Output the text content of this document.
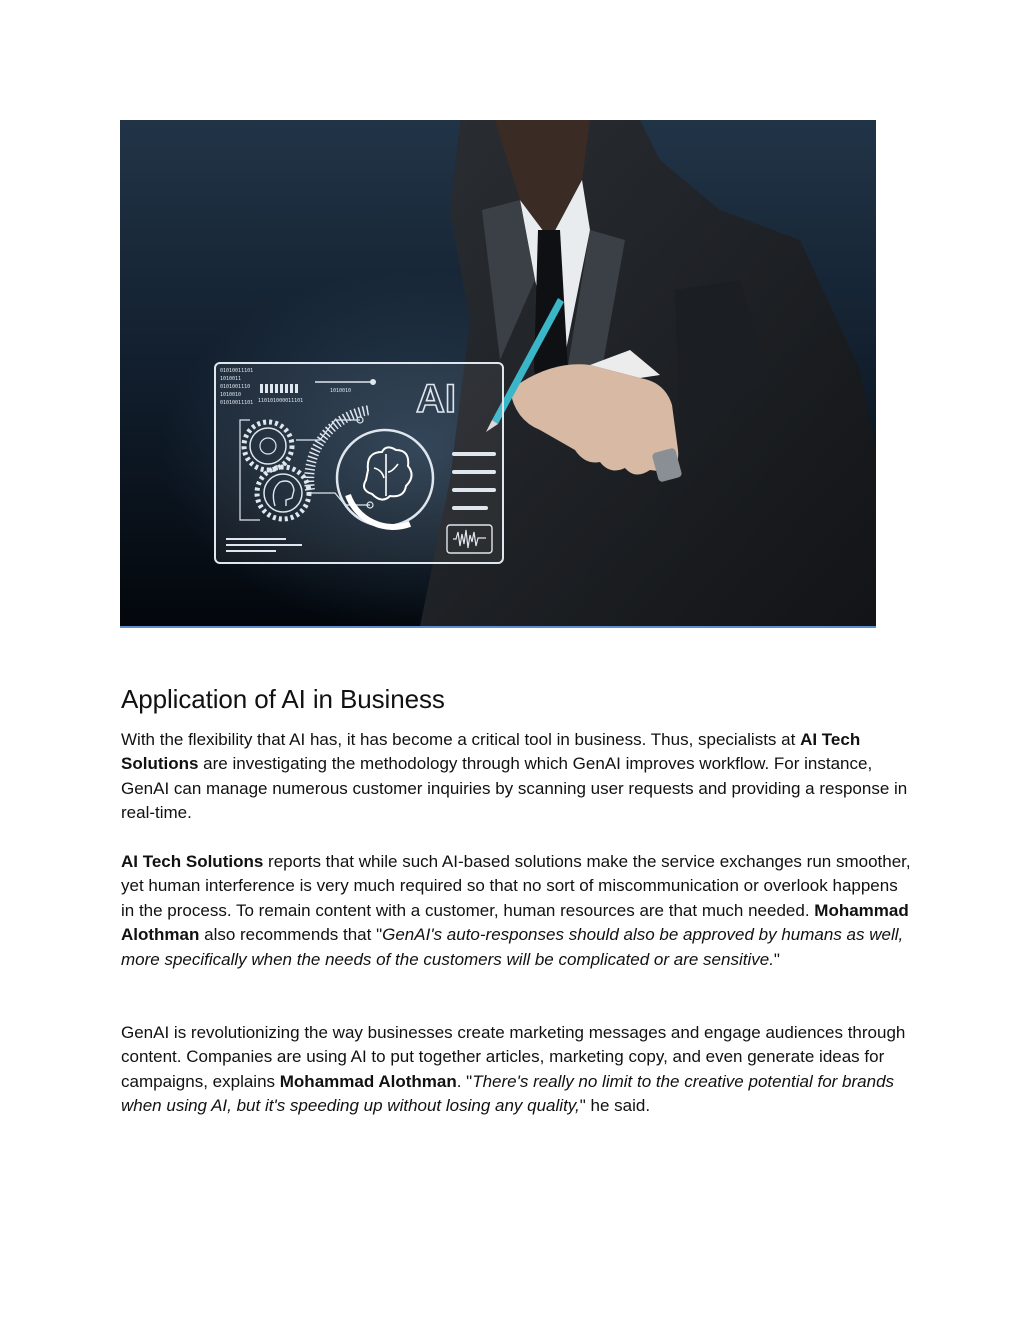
01010011101
1010011
0101001110
1010010
01010011101
1010010
110101000011101	AI
Application of AI in Business

With the flexibility that AI has, it has become a critical tool in business. Thus, specialists at AI Tech Solutions are investigating the methodology through which GenAI improves workflow. For instance, GenAI can manage numerous customer inquiries by scanning user requests and providing a response in real-time.

AI Tech Solutions reports that while such AI-based solutions make the service exchanges run smoother, yet human interference is very much required so that no sort of miscommunication or overlook happens in the process. To remain content with a customer, human resources are that much needed. Mohammad Alothman also recommends that "GenAI's auto-responses should also be approved by humans as well, more specifically when the needs of the customers will be complicated or are sensitive."

GenAI is revolutionizing the way businesses create marketing messages and engage audiences through content. Companies are using AI to put together articles, marketing copy, and even generate ideas for campaigns, explains Mohammad Alothman. "There's really no limit to the creative potential for brands when using AI, but it's speeding up without losing any quality," he said.
